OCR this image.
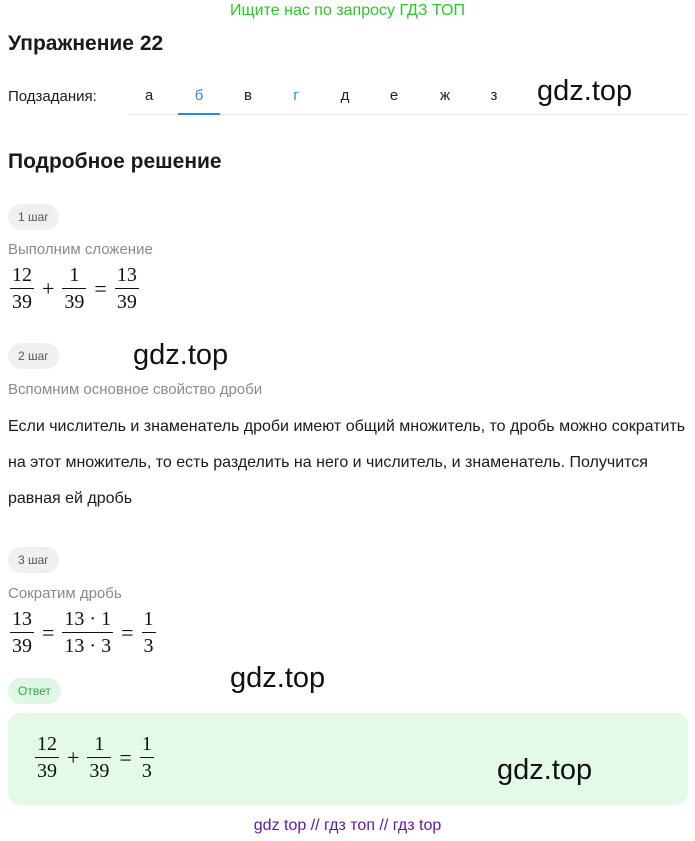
Ищите нас по запросу ГДЗ ТОП
Упражнение 22
Подзадания:	а	б	в	г	д	е	ж	з	gdz.top
Подробное решение
1 шаг
Выполним сложение
$\frac{12}{39} + \frac{1}{39} = \frac{13}{39}$
gdz.top
2 шаг
Вспомним основное свойство дроби
Если числитель и знаменатель дроби имеют общий множитель, то дробь можно сократить на этот множитель, то есть разделить на него и числитель, и знаменатель. Получится равная ей дробь
3 шаг
Сократим дробь
$\frac{13}{39} = \frac{13 \cdot 1}{13 \cdot 3} = \frac{1}{3}$
gdz.top
Ответ
$\frac{12}{39} + \frac{1}{39} = \frac{1}{3}$	gdz.top
gdz top // гдз топ // гдз top
